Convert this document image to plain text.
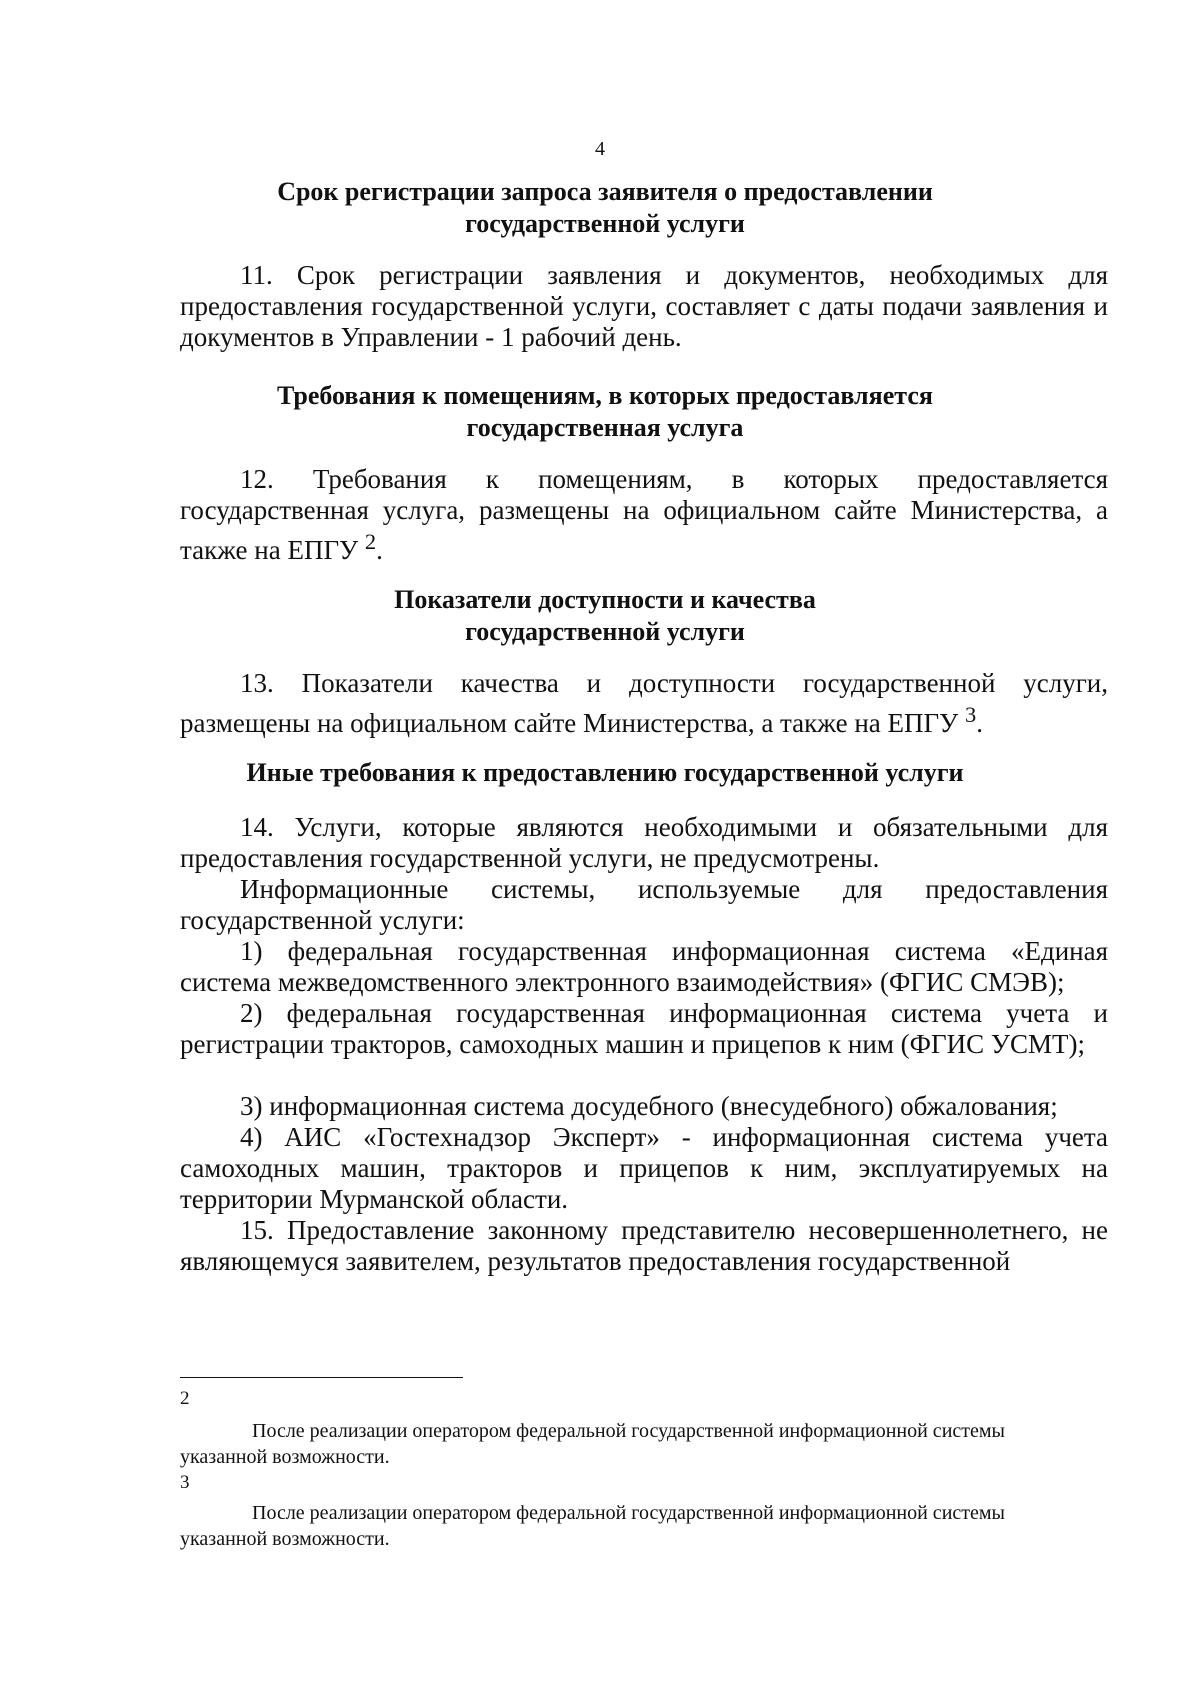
4
Срок регистрации запроса заявителя о предоставлении
государственной услуги
11. Срок регистрации заявления и документов, необходимых для предоставления государственной услуги, составляет с даты подачи заявления и документов в Управлении - 1 рабочий день.
Требования к помещениям, в которых предоставляется
государственная услуга
12. Требования к помещениям, в которых предоставляется государственная услуга, размещены на официальном сайте Министерства, а также на ЕПГУ $^2$.
Показатели доступности и качества
государственной услуги
13. Показатели качества и доступности государственной услуги, размещены на официальном сайте Министерства, а также на ЕПГУ $^3$.
Иные требования к предоставлению государственной услуги
14. Услуги, которые являются необходимыми и обязательными для предоставления государственной услуги, не предусмотрены.
Информационные системы, используемые для предоставления государственной услуги:
1) федеральная государственная информационная система «Единая система межведомственного электронного взаимодействия» (ФГИС СМЭВ);
2) федеральная государственная информационная система учета и регистрации тракторов, самоходных машин и прицепов к ним (ФГИС УСМТ);
3) информационная система досудебного (внесудебного) обжалования;
4) АИС «Гостехнадзор Эксперт» - информационная система учета самоходных машин, тракторов и прицепов к ним, эксплуатируемых на территории Мурманской области.
15. Предоставление законному представителю несовершеннолетнего, не являющемуся заявителем, результатов предоставления государственной
2
После реализации оператором федеральной государственной информационной системы указанной возможности.
3
После реализации оператором федеральной государственной информационной системы указанной возможности.
